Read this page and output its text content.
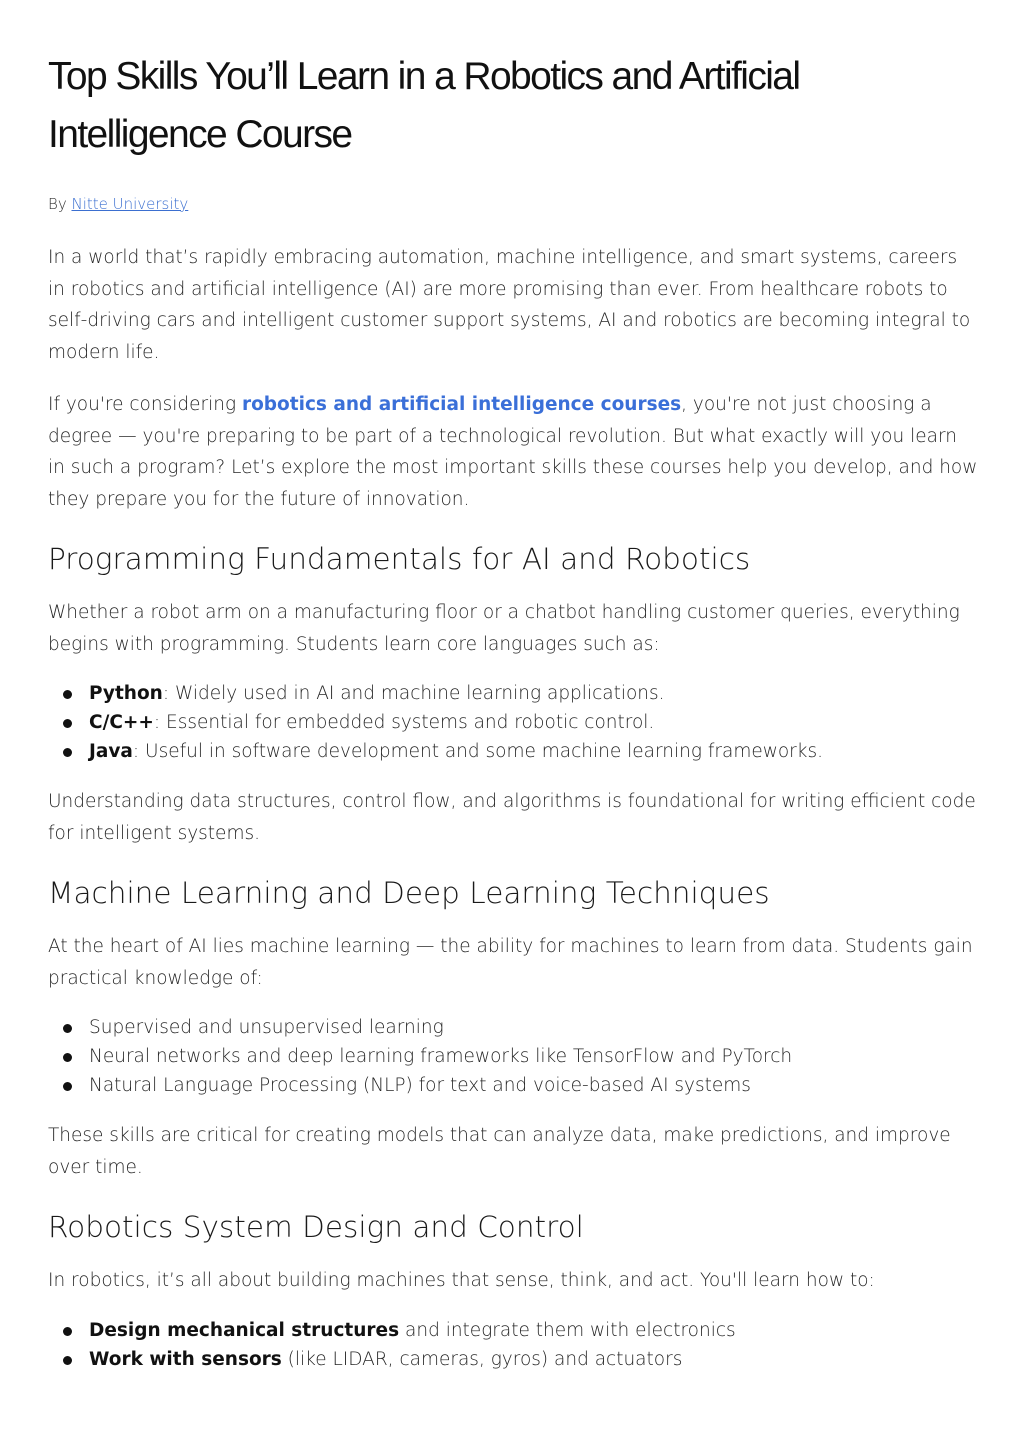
Top Skills You’ll Learn in a Robotics and Artificial Intelligence Course
By Nitte University

In a world that’s rapidly embracing automation, machine intelligence, and smart systems, careers in robotics and artificial intelligence (AI) are more promising than ever. From healthcare robots to self-driving cars and intelligent customer support systems, AI and robotics are becoming integral to modern life.

If you're considering robotics and artificial intelligence courses, you're not just choosing a degree — you're preparing to be part of a technological revolution. But what exactly will you learn in such a program? Let’s explore the most important skills these courses help you develop, and how they prepare you for the future of innovation.

Programming Fundamentals for AI and Robotics

Whether a robot arm on a manufacturing floor or a chatbot handling customer queries, everything begins with programming. Students learn core languages such as:

Python: Widely used in AI and machine learning applications.
C/C++: Essential for embedded systems and robotic control.
Java: Useful in software development and some machine learning frameworks.

Understanding data structures, control flow, and algorithms is foundational for writing efficient code for intelligent systems.

Machine Learning and Deep Learning Techniques

At the heart of AI lies machine learning — the ability for machines to learn from data. Students gain practical knowledge of:

Supervised and unsupervised learning
Neural networks and deep learning frameworks like TensorFlow and PyTorch
Natural Language Processing (NLP) for text and voice-based AI systems

These skills are critical for creating models that can analyze data, make predictions, and improve over time.

Robotics System Design and Control

In robotics, it’s all about building machines that sense, think, and act. You'll learn how to:

Design mechanical structures and integrate them with electronics
Work with sensors (like LIDAR, cameras, gyros) and actuators
